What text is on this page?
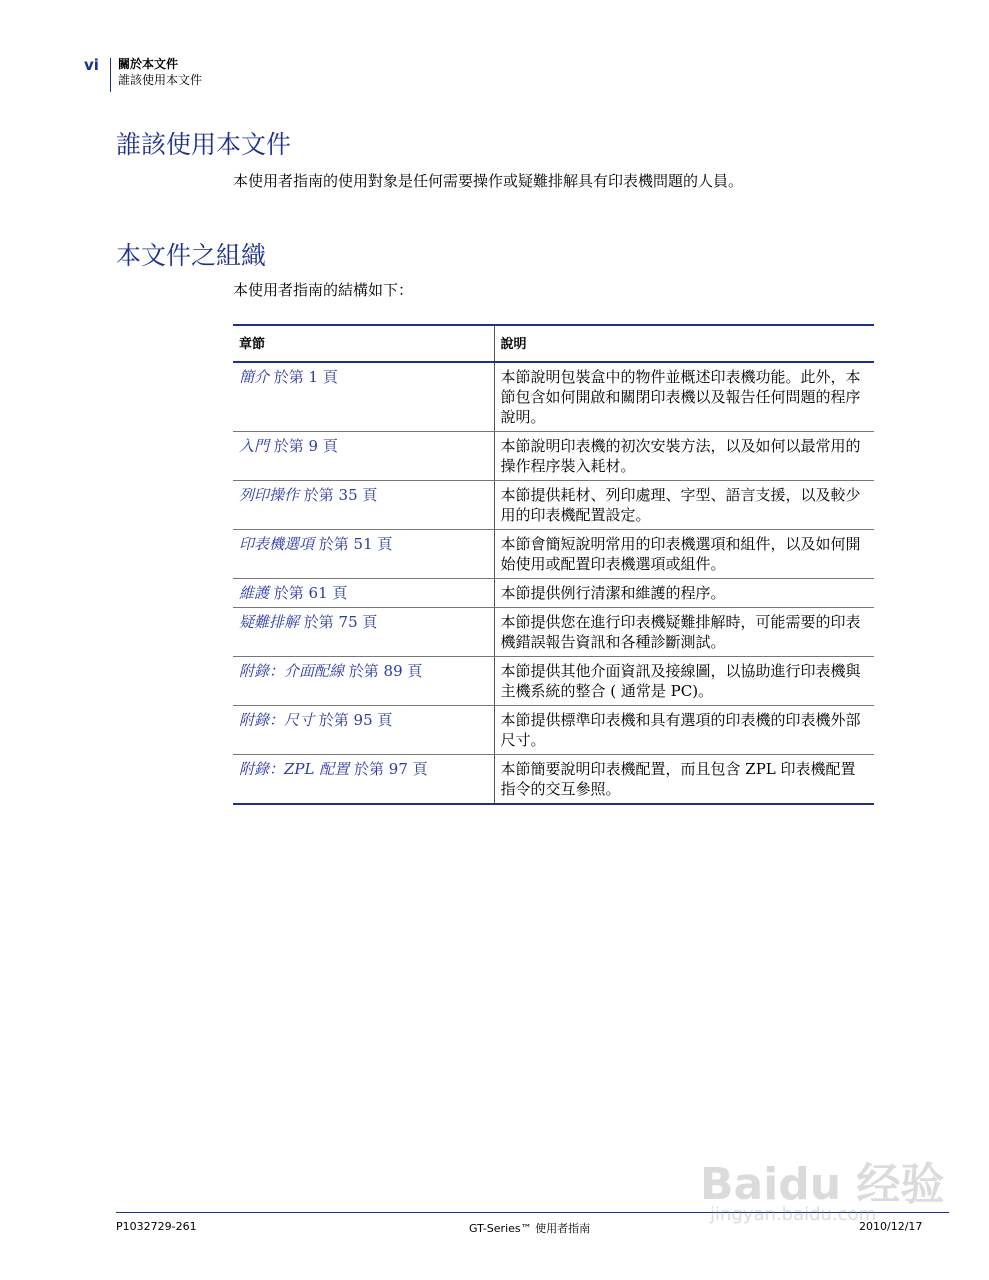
vi 關於本文件
誰該使用本文件
誰該使用本文件
本使用者指南的使用對象是任何需要操作或疑難排解具有印表機問題的人員。
本文件之組織
本使用者指南的結構如下：
章節	說明
簡介 於第 1 頁	本節說明包裝盒中的物件並概述印表機功能。此外，本節包含如何開啟和關閉印表機以及報告任何問題的程序說明。
入門 於第 9 頁	本節說明印表機的初次安裝方法，以及如何以最常用的操作程序裝入耗材。
列印操作 於第 35 頁	本節提供耗材、列印處理、字型、語言支援，以及較少用的印表機配置設定。
印表機選項 於第 51 頁	本節會簡短說明常用的印表機選項和組件，以及如何開始使用或配置印表機選項或組件。
維護 於第 61 頁	本節提供例行清潔和維護的程序。
疑難排解 於第 75 頁	本節提供您在進行印表機疑難排解時，可能需要的印表機錯誤報告資訊和各種診斷測試。
附錄：介面配線 於第 89 頁	本節提供其他介面資訊及接線圖，以協助進行印表機與主機系統的整合 ( 通常是 PC)。
附錄：尺寸 於第 95 頁	本節提供標準印表機和具有選項的印表機的印表機外部尺寸。
附錄：ZPL 配置 於第 97 頁	本節簡要說明印表機配置，而且包含 ZPL 印表機配置指令的交互參照。
P1032729-261	GT-Series™ 使用者指南	2010/12/17
Baidu 经验
jingyan.baidu.com
